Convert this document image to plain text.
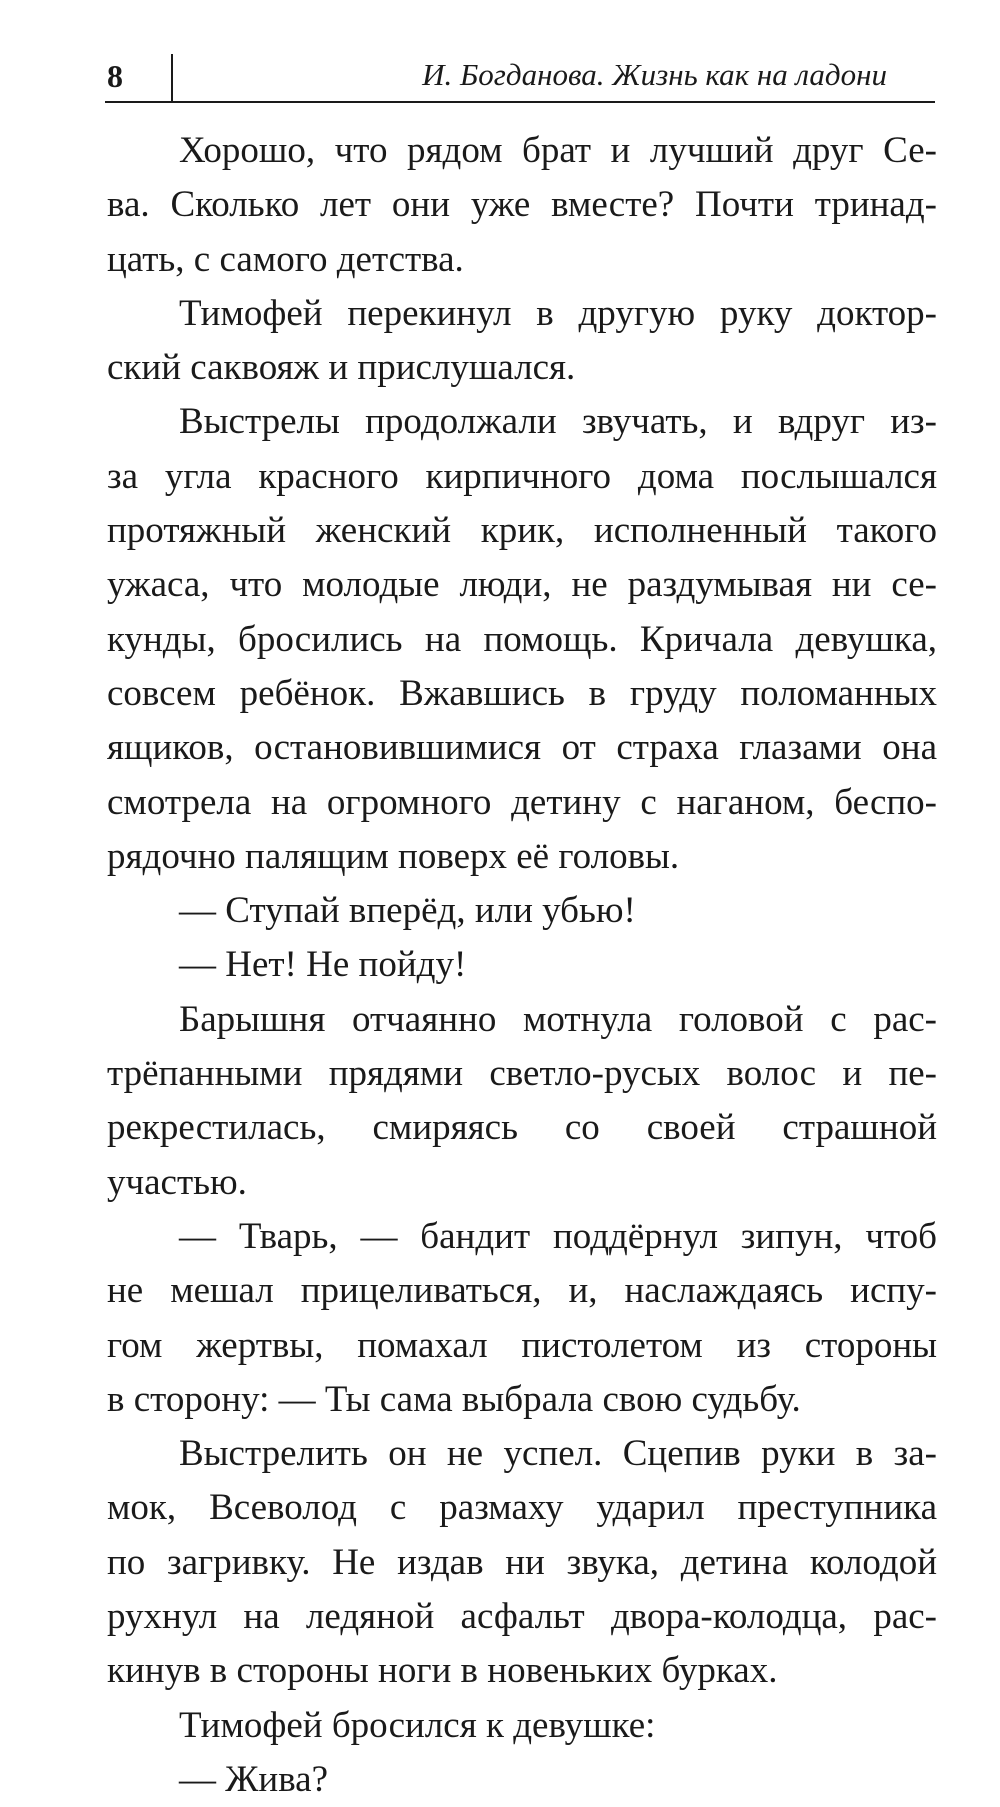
8	И. Богданова. Жизнь как на ладони
Хорошо, что рядом брат и лучший друг Се-
ва. Сколько лет они уже вместе? Почти тринад-
цать, с самого детства.
Тимофей перекинул в другую руку доктор-
ский саквояж и прислушался.
Выстрелы продолжали звучать, и вдруг из-
за угла красного кирпичного дома послышался
протяжный женский крик, исполненный такого
ужаса, что молодые люди, не раздумывая ни се-
кунды, бросились на помощь. Кричала девушка,
совсем ребёнок. Вжавшись в груду поломанных
ящиков, остановившимися от страха глазами она
смотрела на огромного детину с наганом, беспо-
рядочно палящим поверх её головы.
— Ступай вперёд, или убью!
— Нет! Не пойду!
Барышня отчаянно мотнула головой с рас-
трёпанными прядями светло-русых волос и пе-
рекрестилась, смиряясь со своей страшной
участью.
— Тварь, — бандит поддёрнул зипун, чтоб
не мешал прицеливаться, и, наслаждаясь испу-
гом жертвы, помахал пистолетом из стороны
в сторону: — Ты сама выбрала свою судьбу.
Выстрелить он не успел. Сцепив руки в за-
мок, Всеволод с размаху ударил преступника
по загривку. Не издав ни звука, детина колодой
рухнул на ледяной асфальт двора-колодца, рас-
кинув в стороны ноги в новеньких бурках.
Тимофей бросился к девушке:
— Жива?
